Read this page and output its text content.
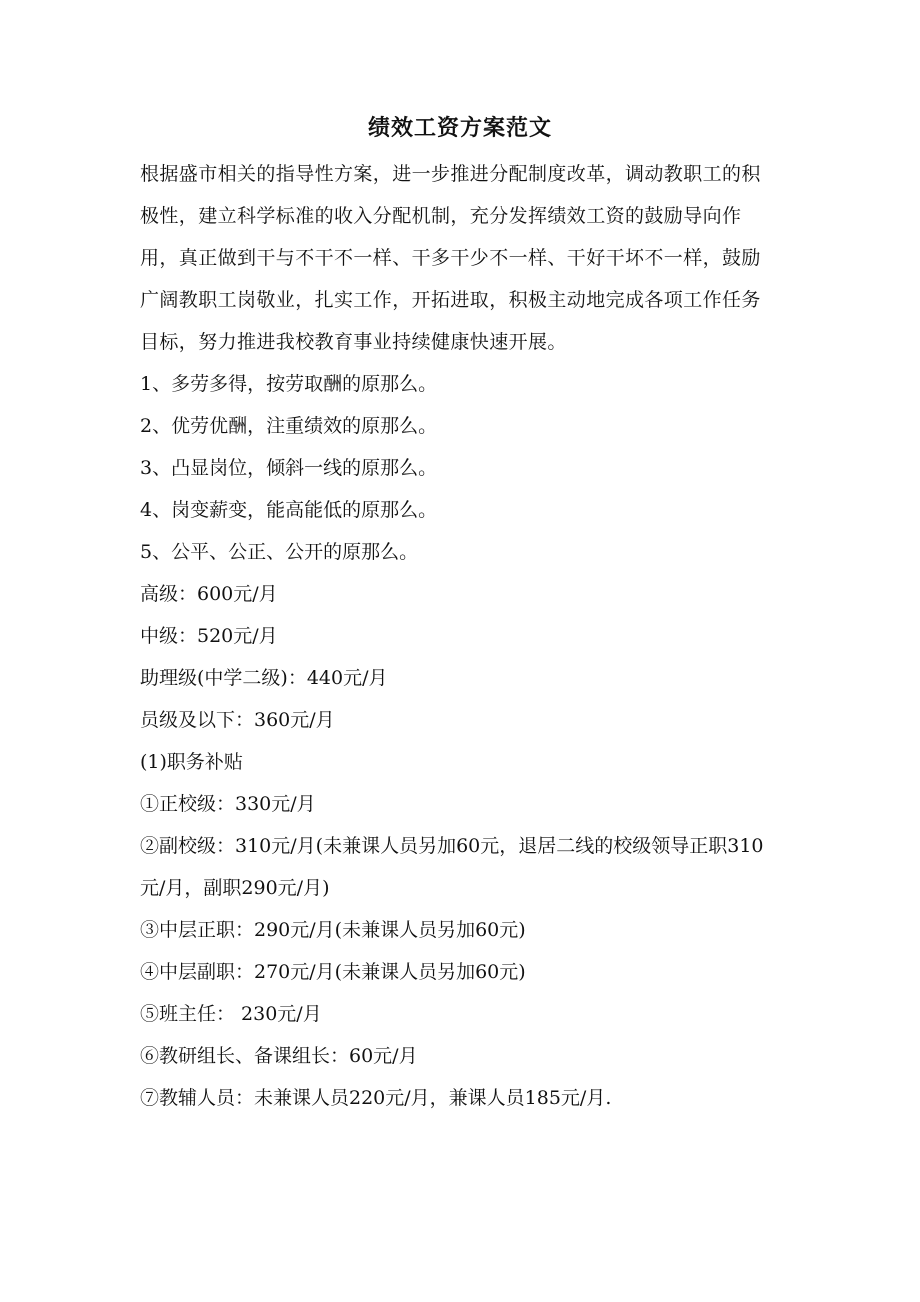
绩效工资方案范文

根据盛市相关的指导性方案，进一步推进分配制度改革，调动教职工的积极性，建立科学标准的收入分配机制，充分发挥绩效工资的鼓励导向作用，真正做到干与不干不一样、干多干少不一样、干好干坏不一样，鼓励广阔教职工岗敬业，扎实工作，开拓进取，积极主动地完成各项工作任务目标，努力推进我校教育事业持续健康快速开展。

1、多劳多得，按劳取酬的原那么。

2、优劳优酬，注重绩效的原那么。

3、凸显岗位，倾斜一线的原那么。

4、岗变薪变，能高能低的原那么。

5、公平、公正、公开的原那么。

高级：600元/月

中级：520元/月

助理级(中学二级)：440元/月

员级及以下：360元/月

(1)职务补贴

①正校级：330元/月

②副校级：310元/月(未兼课人员另加60元，退居二线的校级领导正职310元/月，副职290元/月)

③中层正职：290元/月(未兼课人员另加60元)

④中层副职：270元/月(未兼课人员另加60元)

⑤班主任： 230元/月

⑥教研组长、备课组长：60元/月

⑦教辅人员：未兼课人员220元/月，兼课人员185元/月.
